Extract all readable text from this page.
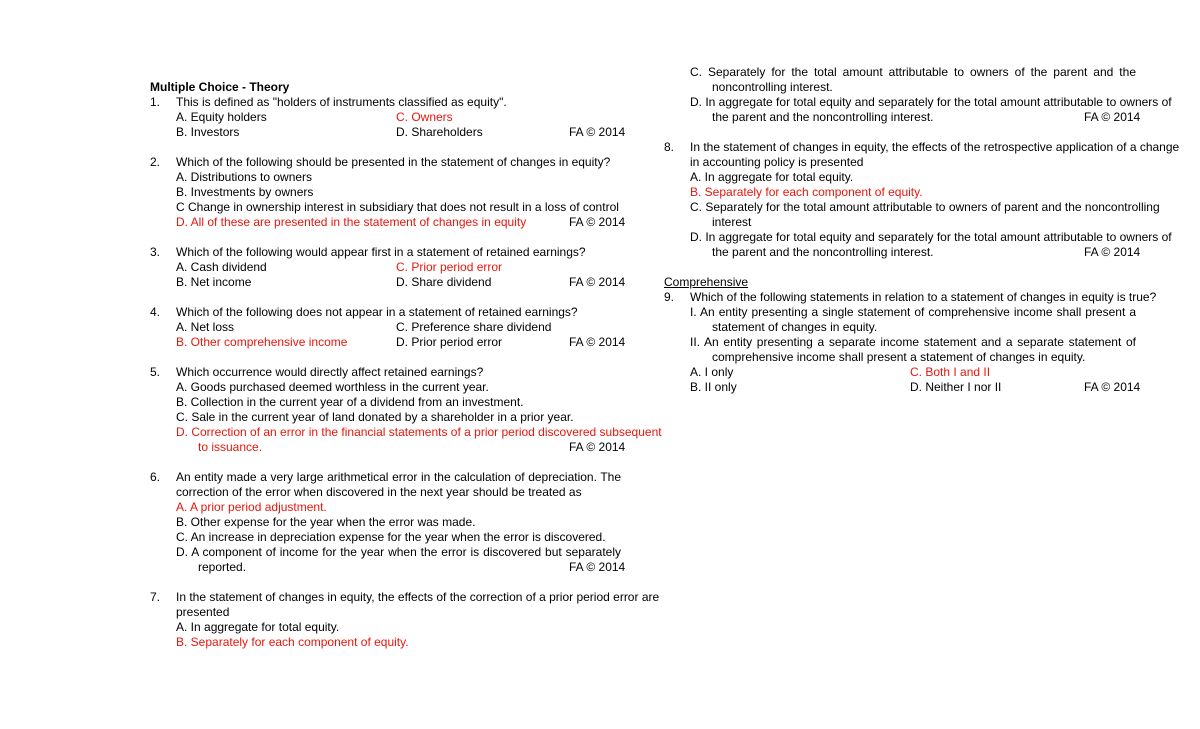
Multiple Choice - Theory
1. This is defined as "holders of instruments classified as equity".
A. Equity holders	C. Owners
B. Investors	D. Shareholders	FA © 2014
2. Which of the following should be presented in the statement of changes in equity?
A. Distributions to owners
B. Investments by owners
C Change in ownership interest in subsidiary that does not result in a loss of control
D. All of these are presented in the statement of changes in equity	FA © 2014
3. Which of the following would appear first in a statement of retained earnings?
A. Cash dividend	C. Prior period error
B. Net income	D. Share dividend	FA © 2014
4. Which of the following does not appear in a statement of retained earnings?
A. Net loss	C. Preference share dividend
B. Other comprehensive income	D. Prior period error	FA © 2014
5. Which occurrence would directly affect retained earnings?
A. Goods purchased deemed worthless in the current year.
B. Collection in the current year of a dividend from an investment.
C. Sale in the current year of land donated by a shareholder in a prior year.
D. Correction of an error in the financial statements of a prior period discovered subsequent
to issuance.	FA © 2014
6. An entity made a very large arithmetical error in the calculation of depreciation. The
correction of the error when discovered in the next year should be treated as
A. A prior period adjustment.
B. Other expense for the year when the error was made.
C. An increase in depreciation expense for the year when the error is discovered.
D. A component of income for the year when the error is discovered but separately
reported.	FA © 2014
7. In the statement of changes in equity, the effects of the correction of a prior period error are
presented
A. In aggregate for total equity.
B. Separately for each component of equity.
C. Separately for the total amount attributable to owners of the parent and the
noncontrolling interest.
D. In aggregate for total equity and separately for the total amount attributable to owners of
the parent and the noncontrolling interest.	FA © 2014
8. In the statement of changes in equity, the effects of the retrospective application of a change
in accounting policy is presented
A. In aggregate for total equity.
B. Separately for each component of equity.
C. Separately for the total amount attributable to owners of parent and the noncontrolling
interest
D. In aggregate for total equity and separately for the total amount attributable to owners of
the parent and the noncontrolling interest.	FA © 2014
Comprehensive
9. Which of the following statements in relation to a statement of changes in equity is true?
I. An entity presenting a single statement of comprehensive income shall present a
statement of changes in equity.
II. An entity presenting a separate income statement and a separate statement of
comprehensive income shall present a statement of changes in equity.
A. I only	C. Both I and II
B. II only	D. Neither I nor II	FA © 2014
